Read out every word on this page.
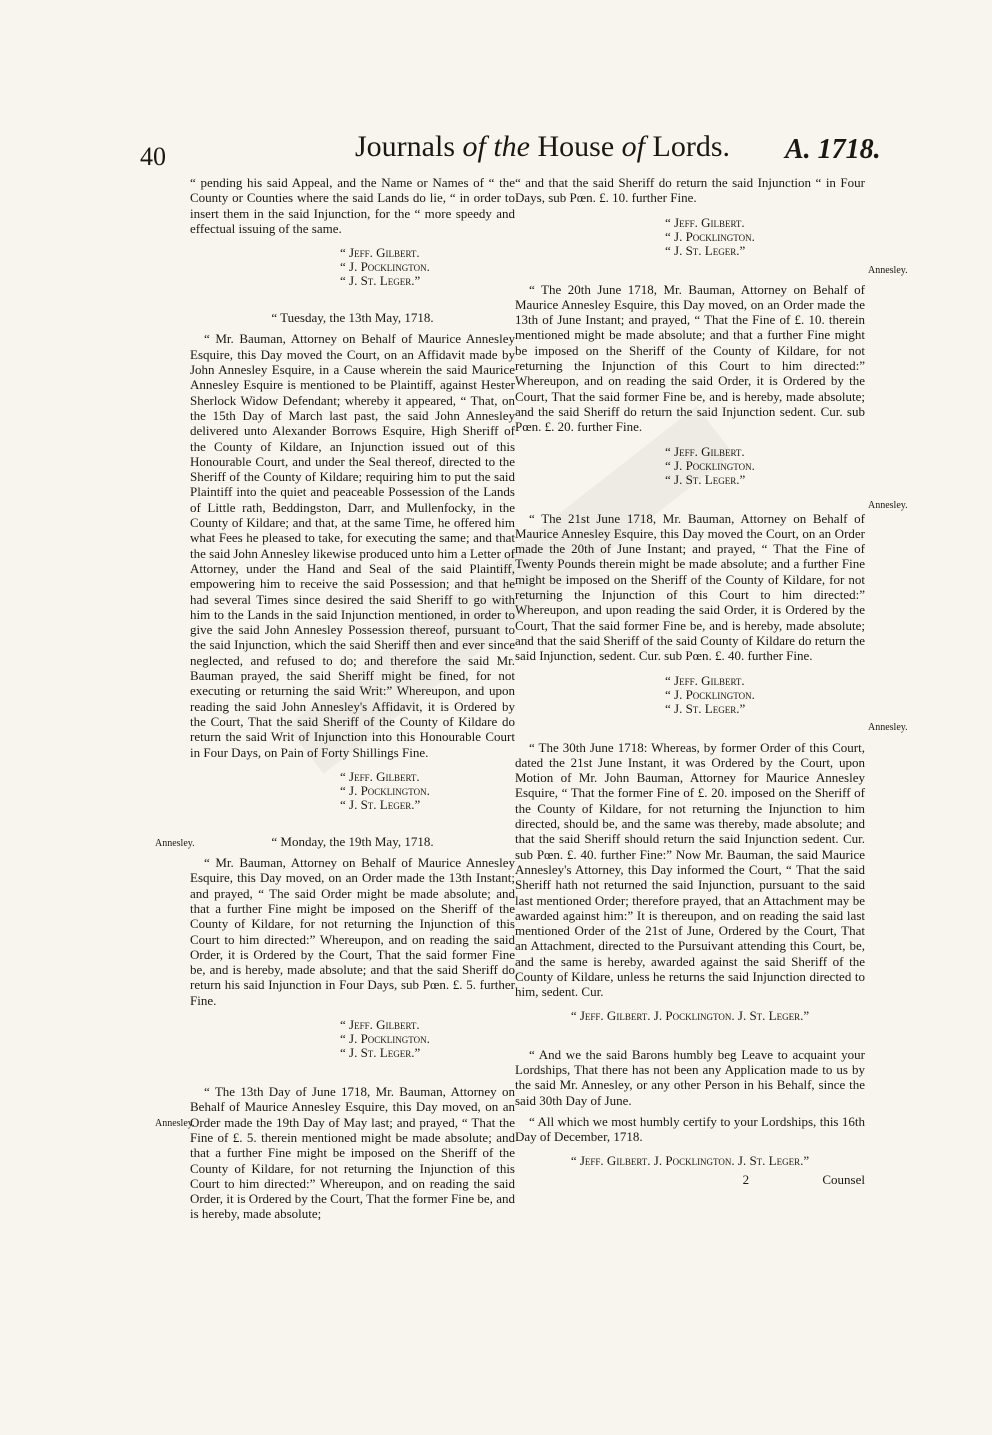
40	Journals of the House of Lords. A. 1718.

“ pending his said Appeal, and the Name or Names of “ the County or Counties where the said Lands do lie, “ in order to insert them in the said Injunction, for the “ more speedy and effectual issuing of the same.

“ Jeff. Gilbert.
“ J. Pocklington.
“ J. St. Leger.”
“ Tuesday, the 13th May, 1718.

“ Mr. Bauman, Attorney on Behalf of Maurice Annesley Esquire, this Day moved the Court, on an Affidavit made by John Annesley Esquire, in a Cause wherein the said Maurice Annesley Esquire is mentioned to be Plaintiff, against Hester Sherlock Widow Defendant; whereby it appeared, “ That, on the 15th Day of March last past, the said John Annesley delivered unto Alexander Borrows Esquire, High Sheriff of the County of Kildare, an Injunction issued out of this Honourable Court, and under the Seal thereof, directed to the Sheriff of the County of Kildare; requiring him to put the said Plaintiff into the quiet and peaceable Possession of the Lands of Little rath, Beddingston, Darr, and Mullenfocky, in the County of Kildare; and that, at the same Time, he offered him what Fees he pleased to take, for executing the same; and that the said John Annesley likewise produced unto him a Letter of Attorney, under the Hand and Seal of the said Plaintiff, empowering him to receive the said Possession; and that he had several Times since desired the said Sheriff to go with him to the Lands in the said Injunction mentioned, in order to give the said John Annesley Possession thereof, pursuant to the said Injunction, which the said Sheriff then and ever since neglected, and refused to do; and therefore the said Mr. Bauman prayed, the said Sheriff might be fined, for not executing or returning the said Writ:” Whereupon, and upon reading the said John Annesley's Affidavit, it is Ordered by the Court, That the said Sheriff of the County of Kildare do return the said Writ of Injunction into this Honourable Court in Four Days, on Pain of Forty Shillings Fine.

“ Jeff. Gilbert.
“ J. Pocklington.
“ J. St. Leger.”
“ Monday, the 19th May, 1718.

“ Mr. Bauman, Attorney on Behalf of Maurice Annesley Esquire, this Day moved, on an Order made the 13th Instant; and prayed, “ The said Order might be made absolute; and that a further Fine might be imposed on the Sheriff of the County of Kildare, for not returning the Injunction of this Court to him directed:” Whereupon, and on reading the said Order, it is Ordered by the Court, That the said former Fine be, and is hereby, made absolute; and that the said Sheriff do return his said Injunction in Four Days, sub Pœn. £. 5. further Fine.

“ Jeff. Gilbert.
“ J. Pocklington.
“ J. St. Leger.”

“ The 13th Day of June 1718, Mr. Bauman, Attorney on Behalf of Maurice Annesley Esquire, this Day moved, on an Order made the 19th Day of May last; and prayed, “ That the Fine of £. 5. therein mentioned might be made absolute; and that a further Fine might be imposed on the Sheriff of the County of Kildare, for not returning the Injunction of this Court to him directed:” Whereupon, and on reading the said Order, it is Ordered by the Court, That the former Fine be, and is hereby, made absolute;

Annesley.
Annesley.

“ and that the said Sheriff do return the said Injunction “ in Four Days, sub Pœn. £. 10. further Fine.

“ Jeff. Gilbert.
“ J. Pocklington.
“ J. St. Leger.”

“ The 20th June 1718, Mr. Bauman, Attorney on Behalf of Maurice Annesley Esquire, this Day moved, on an Order made the 13th of June Instant; and prayed, “ That the Fine of £. 10. therein mentioned might be made absolute; and that a further Fine might be imposed on the Sheriff of the County of Kildare, for not returning the Injunction of this Court to him directed:” Whereupon, and on reading the said Order, it is Ordered by the Court, That the said former Fine be, and is hereby, made absolute; and the said Sheriff do return the said Injunction sedent. Cur. sub Pœn. £. 20. further Fine.

“ Jeff. Gilbert.
“ J. Pocklington.
“ J. St. Leger.”

“ The 21st June 1718, Mr. Bauman, Attorney on Behalf of Maurice Annesley Esquire, this Day moved the Court, on an Order made the 20th of June Instant; and prayed, “ That the Fine of Twenty Pounds therein might be made absolute; and a further Fine might be imposed on the Sheriff of the County of Kildare, for not returning the Injunction of this Court to him directed:” Whereupon, and upon reading the said Order, it is Ordered by the Court, That the said former Fine be, and is hereby, made absolute; and that the said Sheriff of the said County of Kildare do return the said Injunction, sedent. Cur. sub Pœn. £. 40. further Fine.

“ Jeff. Gilbert.
“ J. Pocklington.
“ J. St. Leger.”

“ The 30th June 1718: Whereas, by former Order of this Court, dated the 21st June Instant, it was Ordered by the Court, upon Motion of Mr. John Bauman, Attorney for Maurice Annesley Esquire, “ That the former Fine of £. 20. imposed on the Sheriff of the County of Kildare, for not returning the Injunction to him directed, should be, and the same was thereby, made absolute; and that the said Sheriff should return the said Injunction sedent. Cur. sub Pœn. £. 40. further Fine:” Now Mr. Bauman, the said Maurice Annesley's Attorney, this Day informed the Court, “ That the said Sheriff hath not returned the said Injunction, pursuant to the said last mentioned Order; therefore prayed, that an Attachment may be awarded against him:” It is thereupon, and on reading the said last mentioned Order of the 21st of June, Ordered by the Court, That an Attachment, directed to the Pursuivant attending this Court, be, and the same is hereby, awarded against the said Sheriff of the County of Kildare, unless he returns the said Injunction directed to him, sedent. Cur.

“ Jeff. Gilbert. J. Pocklington. J. St. Leger.”

“ And we the said Barons humbly beg Leave to acquaint your Lordships, That there has not been any Application made to us by the said Mr. Annesley, or any other Person in his Behalf, since the said 30th Day of June.

“ All which we most humbly certify to your Lordships, this 16th Day of December, 1718.

“ Jeff. Gilbert. J. Pocklington. J. St. Leger.”
2	Counsel
Annesley.
Annesley.
Annesley.
